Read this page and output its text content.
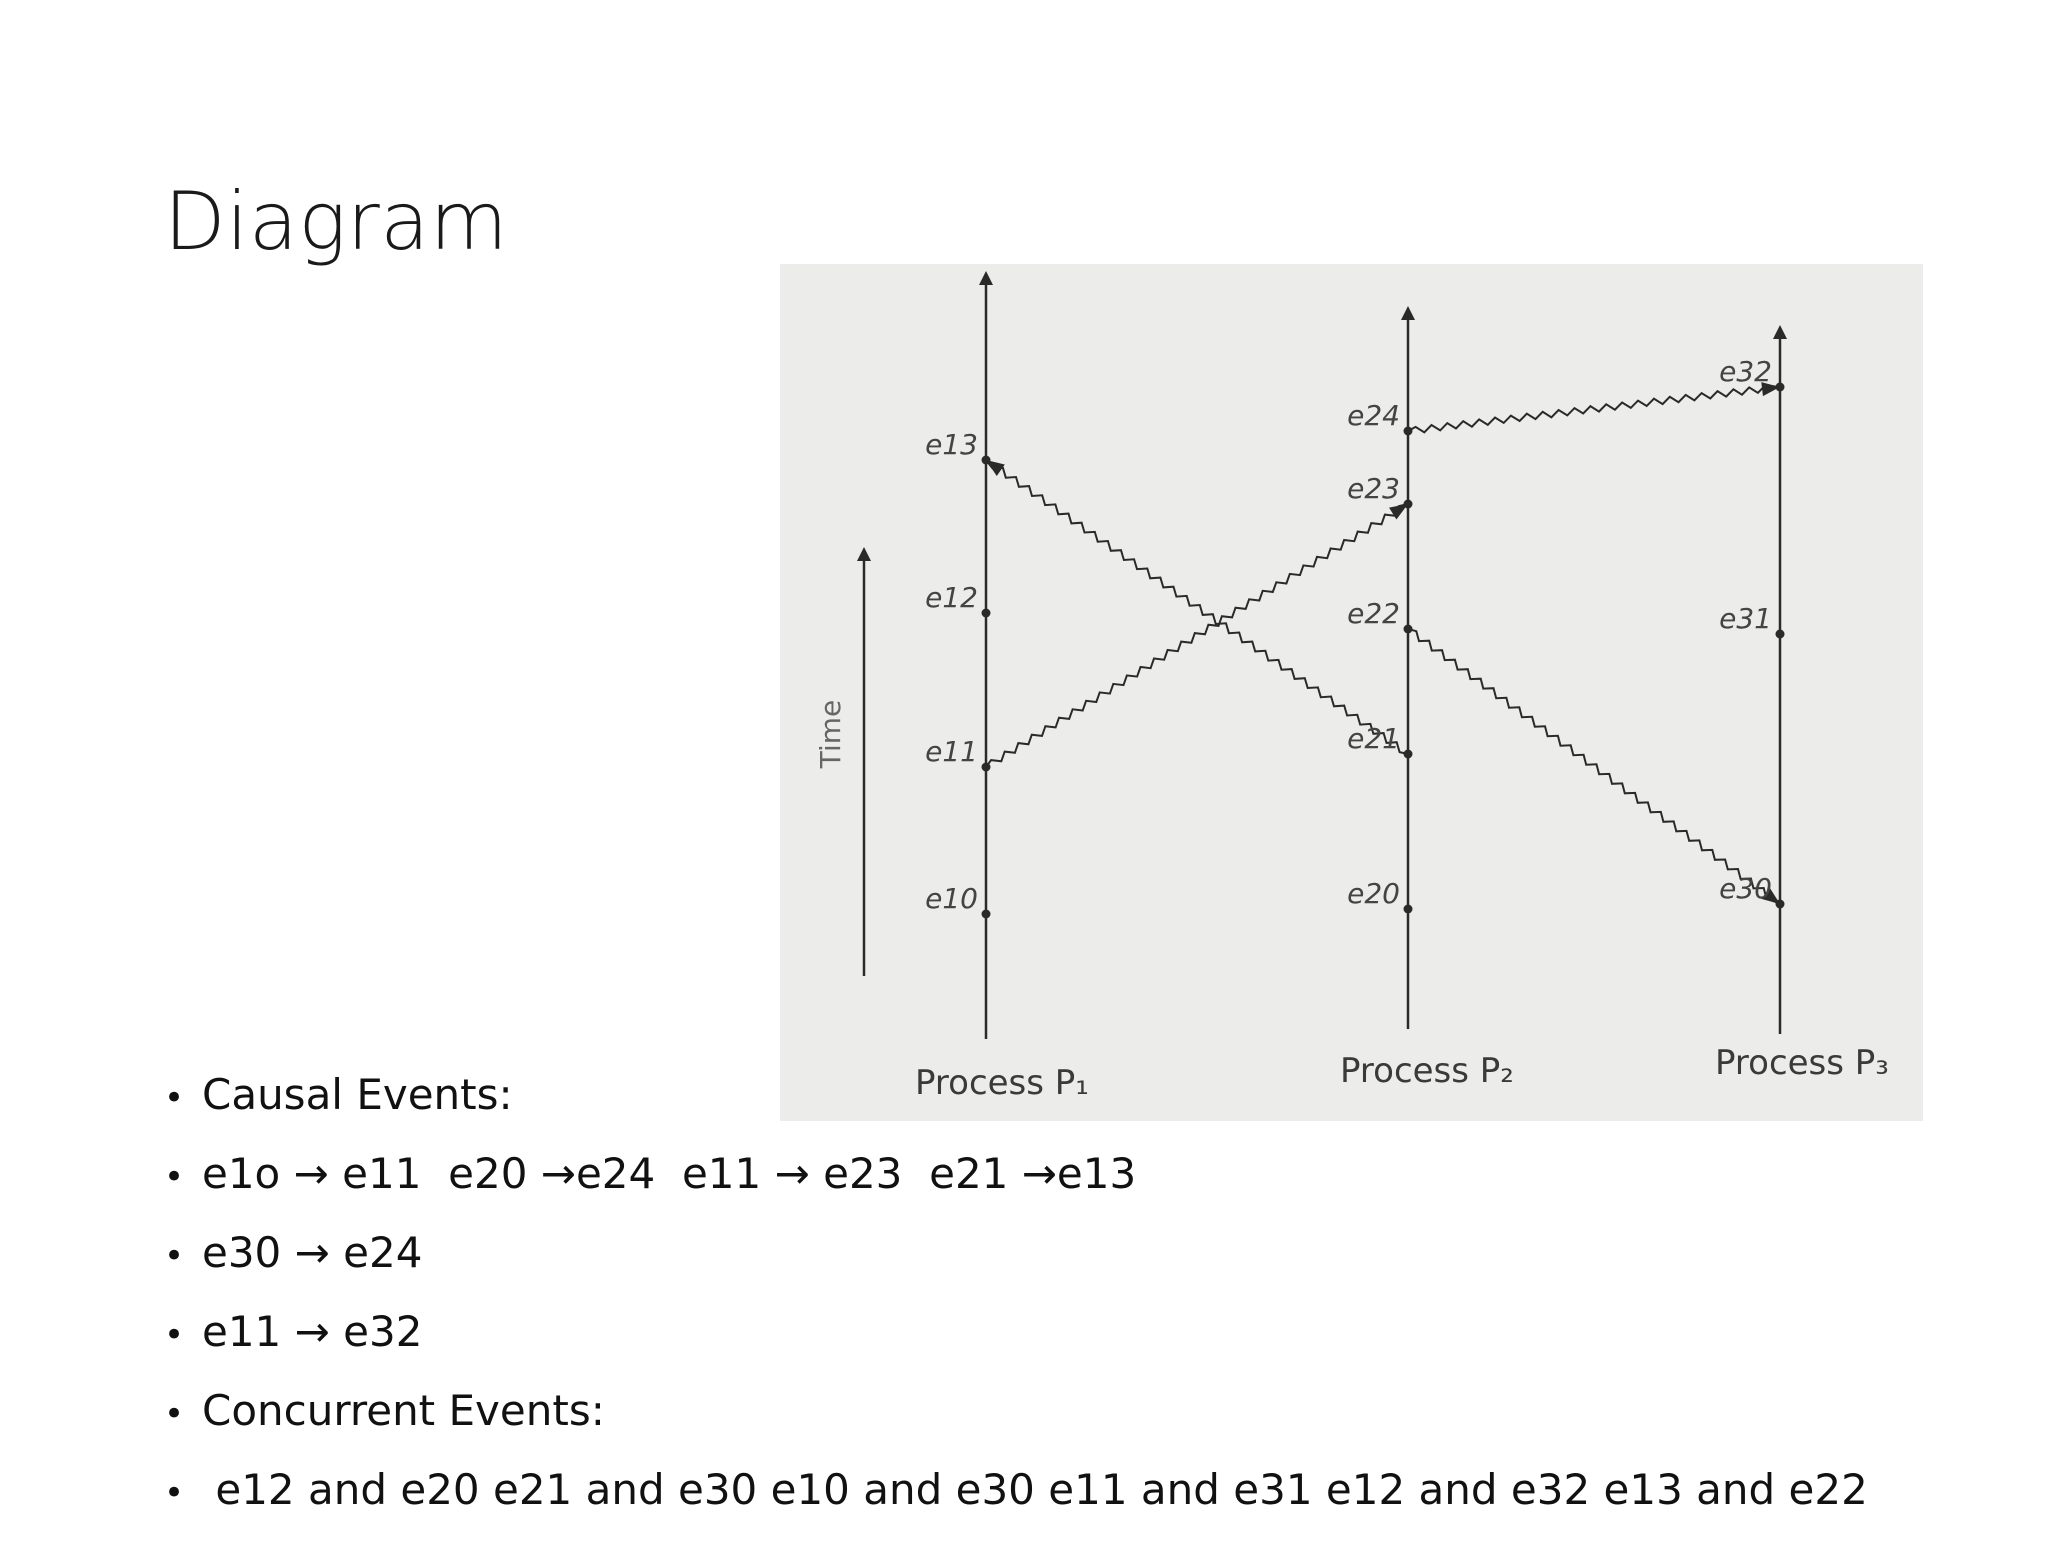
Diagram
Time
Process P₁	Process P₂	Process P₃
e10
e11
e12
e13
e20
e21
e22
e23
e24
e30
e31
e32
• Causal Events:
• e1o → e11  e20 →e24  e11 → e23  e21 →e13
• e30 → e24
• e11 → e32
• Concurrent Events:
• e12 and e20 e21 and e30 e10 and e30 e11 and e31 e12 and e32 e13 and e22
